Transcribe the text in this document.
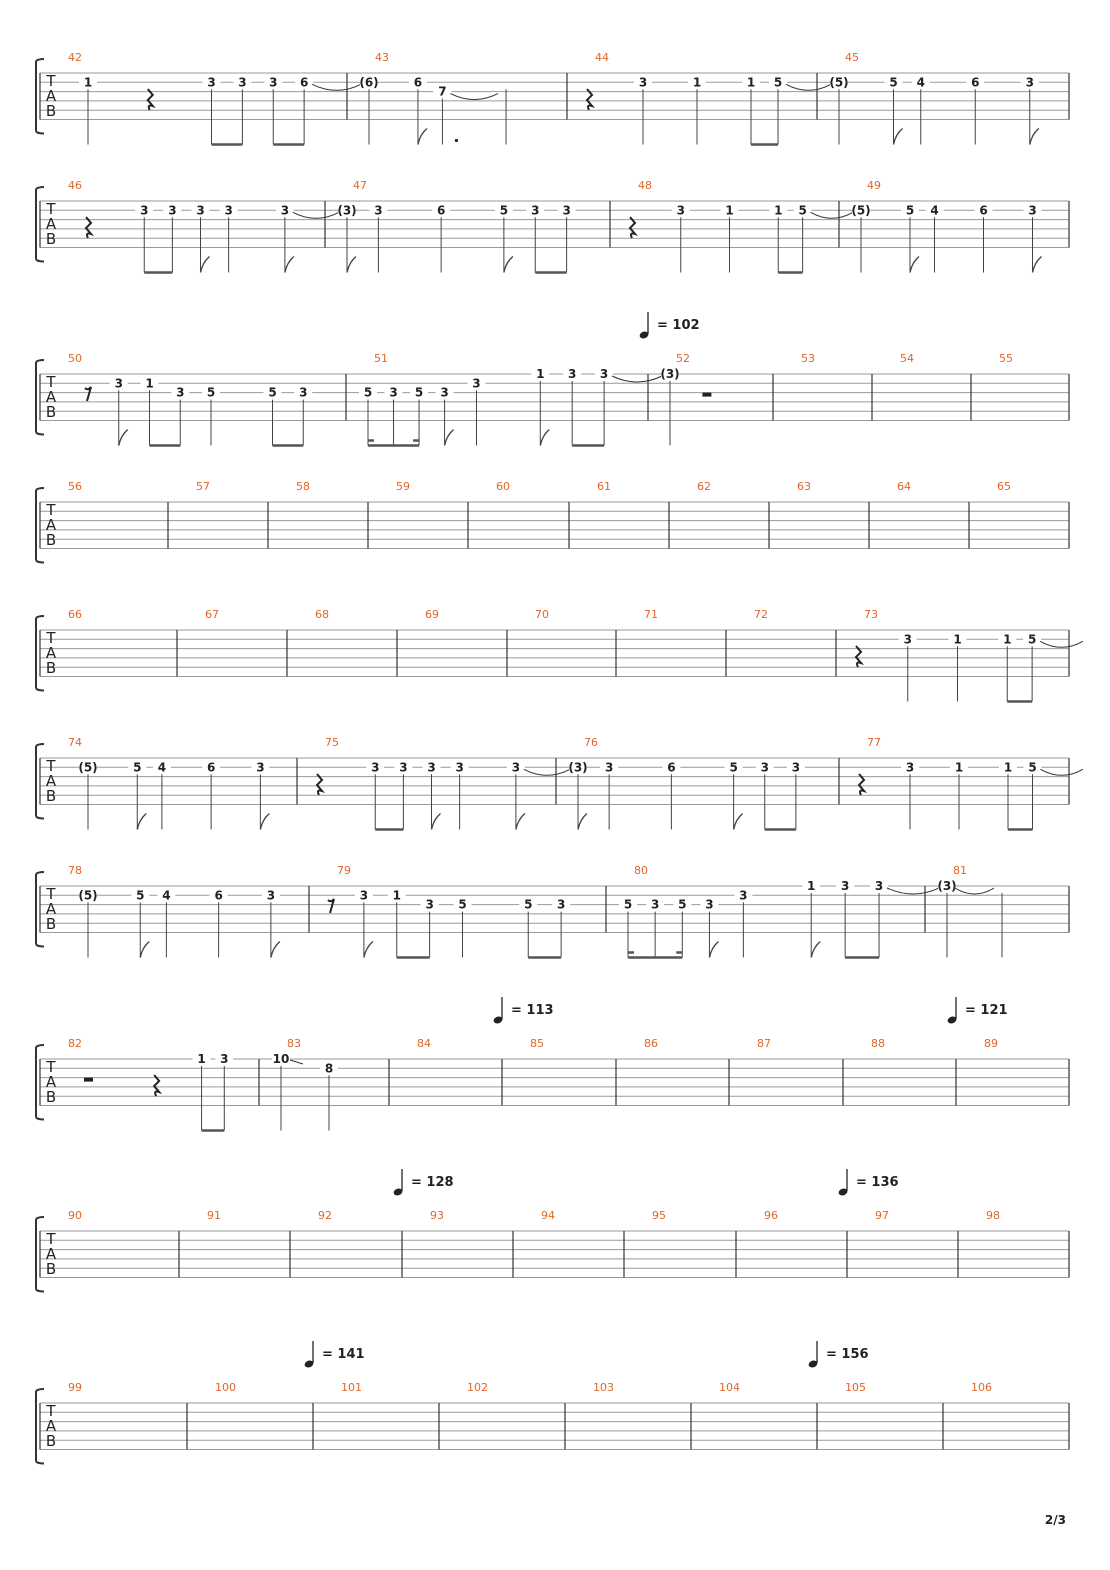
T
A
B
42
1	3 3 3 6
43
(6)	6
7
44
3	1	1 5
45
(5)	5 4	6	3
T
A
B
46
3 3 3 3	3
47
(3) 3	6	5 3 3
48
3	1	1 5
49
(5)	5 4	6	3
T
A
B
50
3 1
3 5	5 3
51
5 3 5 3
3
1 3 3
52
(3)
53	54	55
T
A
B
56	57	58	59	60	61	62	63	64	65
T
A
B
66	67	68	69	70	71	72	73
3	1	1 5
T
A
B
74
(5)	5 4	6	3
75
3 3 3 3	3
76
(3) 3	6	5 3 3
77
3	1	1 5
T
A
B
78
(5)	5 4	6	3
79
3 1
3 5	5 3
80
5 3 5 3
3
1 3 3
81
(3)
T
A
B
82
1 3
83
10
8
84	85	86	87	88	89
T
A
B
90	91	92	93	94	95	96	97	98
T
A
B
99	100	101	102	103	104	105	106
= 102
= 113	= 121
= 128	= 136
= 141	= 156
2/3
